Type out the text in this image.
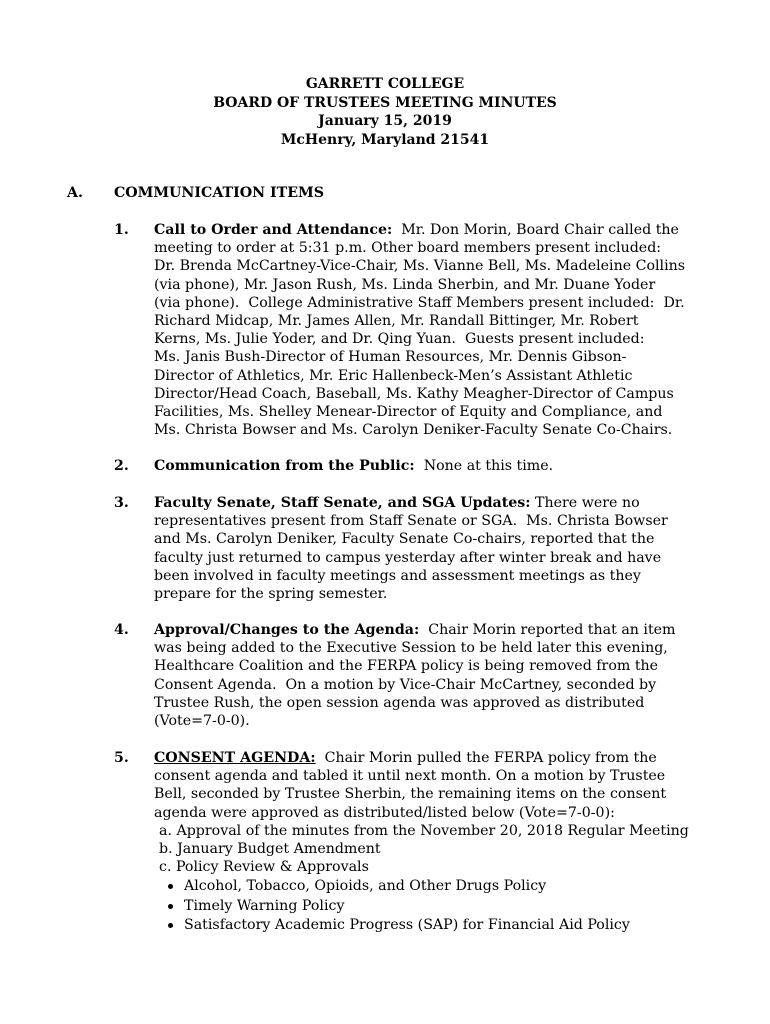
GARRETT COLLEGE
BOARD OF TRUSTEES MEETING MINUTES
January 15, 2019
McHenry, Maryland 21541
A. COMMUNICATION ITEMS
1. Call to Order and Attendance:  Mr. Don Morin, Board Chair called the
meeting to order at 5:31 p.m. Other board members present included:
Dr. Brenda McCartney-Vice-Chair, Ms. Vianne Bell, Ms. Madeleine Collins
(via phone), Mr. Jason Rush, Ms. Linda Sherbin, and Mr. Duane Yoder
(via phone).  College Administrative Staff Members present included:  Dr.
Richard Midcap, Mr. James Allen, Mr. Randall Bittinger, Mr. Robert
Kerns, Ms. Julie Yoder, and Dr. Qing Yuan.  Guests present included:
Ms. Janis Bush-Director of Human Resources, Mr. Dennis Gibson-
Director of Athletics, Mr. Eric Hallenbeck-Men’s Assistant Athletic
Director/Head Coach, Baseball, Ms. Kathy Meagher-Director of Campus
Facilities, Ms. Shelley Menear-Director of Equity and Compliance, and
Ms. Christa Bowser and Ms. Carolyn Deniker-Faculty Senate Co-Chairs.
2. Communication from the Public:  None at this time.
3. Faculty Senate, Staff Senate, and SGA Updates: There were no
representatives present from Staff Senate or SGA.  Ms. Christa Bowser
and Ms. Carolyn Deniker, Faculty Senate Co-chairs, reported that the
faculty just returned to campus yesterday after winter break and have
been involved in faculty meetings and assessment meetings as they
prepare for the spring semester.
4. Approval/Changes to the Agenda:  Chair Morin reported that an item
was being added to the Executive Session to be held later this evening,
Healthcare Coalition and the FERPA policy is being removed from the
Consent Agenda.  On a motion by Vice-Chair McCartney, seconded by
Trustee Rush, the open session agenda was approved as distributed
(Vote=7-0-0).
5. CONSENT AGENDA:  Chair Morin pulled the FERPA policy from the
consent agenda and tabled it until next month. On a motion by Trustee
Bell, seconded by Trustee Sherbin, the remaining items on the consent
agenda were approved as distributed/listed below (Vote=7-0-0):
a. Approval of the minutes from the November 20, 2018 Regular Meeting
b. January Budget Amendment
c. Policy Review & Approvals
Alcohol, Tobacco, Opioids, and Other Drugs Policy
Timely Warning Policy
Satisfactory Academic Progress (SAP) for Financial Aid Policy
